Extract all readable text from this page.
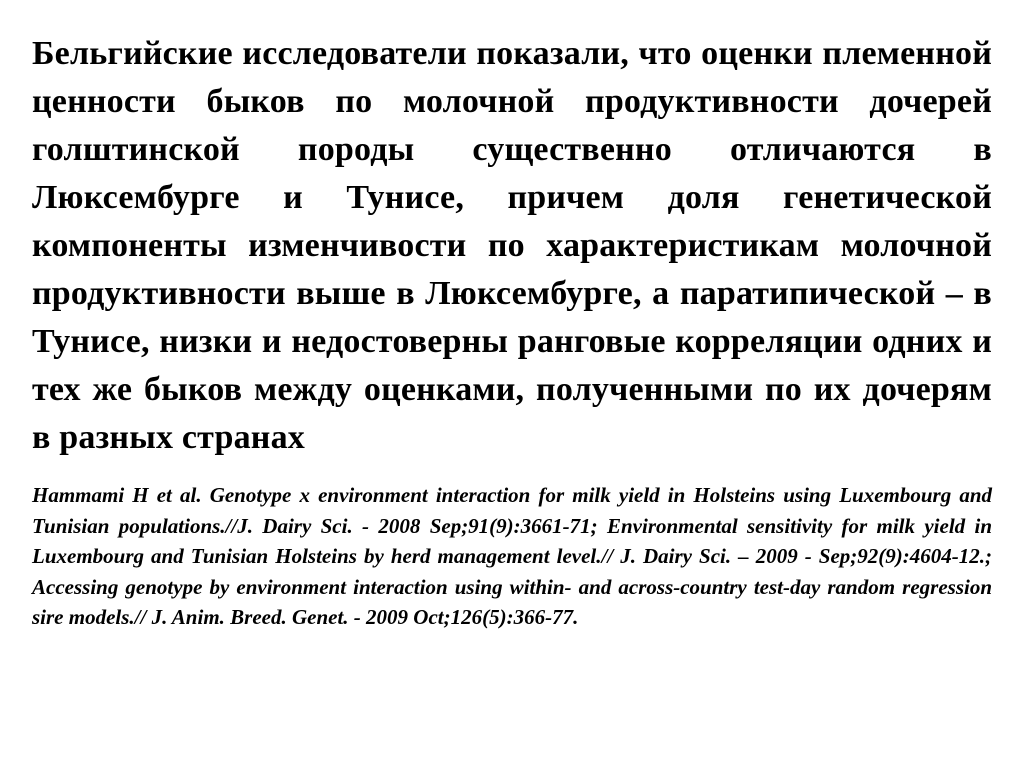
Бельгийские исследователи показали, что оценки племенной ценности быков по молочной продуктивности дочерей голштинской породы существенно отличаются в Люксембурге и Тунисе, причем доля генетической компоненты изменчивости по характеристикам молочной продуктивности выше в Люксембурге, а паратипической – в Тунисе, низки и недостоверны ранговые корреляции одних и тех же быков между оценками, полученными по их дочерям в разных странах

Hammami H et al. Genotype x environment interaction for milk yield in Holsteins using Luxembourg and Tunisian populations.//J. Dairy Sci. - 2008 Sep;91(9):3661-71; Environmental sensitivity for milk yield in Luxembourg and Tunisian Holsteins by herd management level.// J. Dairy Sci. – 2009 - Sep;92(9):4604-12.; Accessing genotype by environment interaction using within- and across-country test-day random regression sire models.// J. Anim. Breed. Genet. - 2009 Oct;126(5):366-77.
